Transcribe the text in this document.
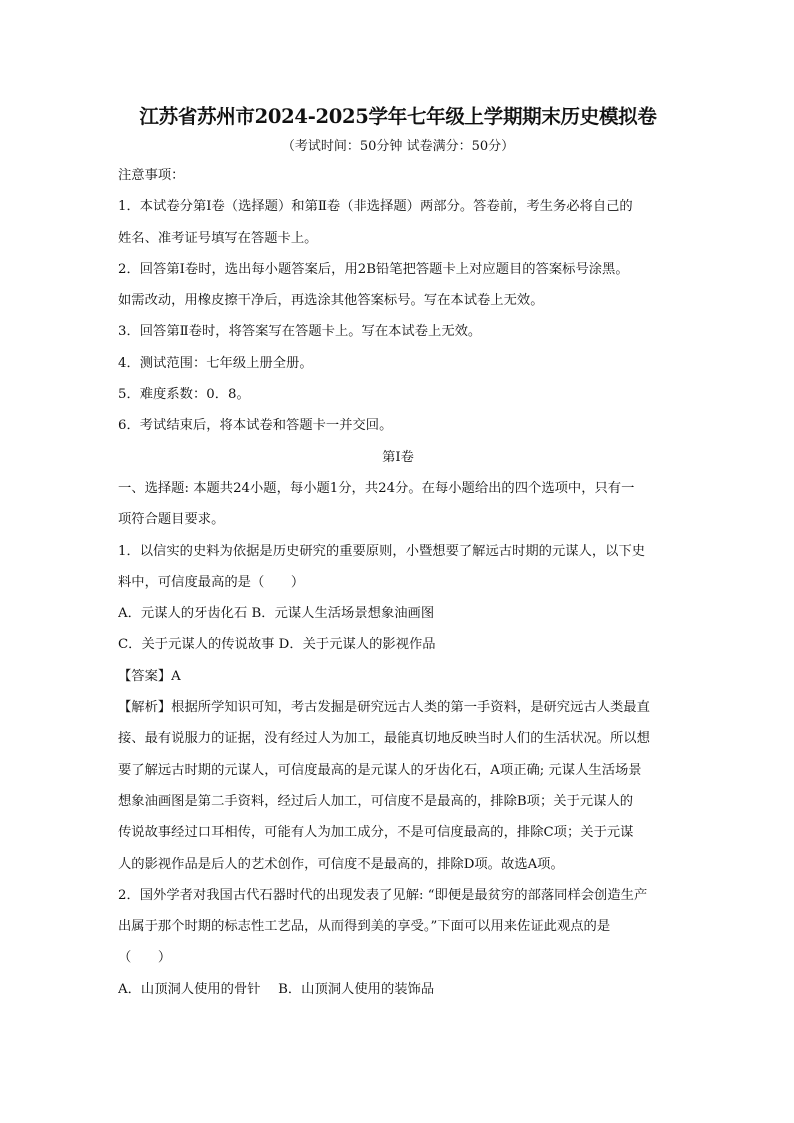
江苏省苏州市2024-2025学年七年级上学期期末历史模拟卷

（考试时间：50分钟 试卷满分：50分）

注意事项：

1．本试卷分第Ⅰ卷（选择题）和第Ⅱ卷（非选择题）两部分。答卷前，考生务必将自己的

姓名、准考证号填写在答题卡上。

2．回答第Ⅰ卷时，选出每小题答案后，用2B铅笔把答题卡上对应题目的答案标号涂黑。

如需改动，用橡皮擦干净后，再选涂其他答案标号。写在本试卷上无效。

3．回答第Ⅱ卷时，将答案写在答题卡上。写在本试卷上无效。

4．测试范围：七年级上册全册。

5．难度系数：0．8。

6．考试结束后，将本试卷和答题卡一并交回。

第Ⅰ卷

一、选择题: 本题共24小题，每小题1分，共24分。在每小题给出的四个选项中，只有一

项符合题目要求。

1．以信实的史料为依据是历史研究的重要原则，小暨想要了解远古时期的元谋人，以下史

料中，可信度最高的是（　　）

A．元谋人的牙齿化石 B．元谋人生活场景想象油画图

C．关于元谋人的传说故事 D．关于元谋人的影视作品

【答案】A

【解析】根据所学知识可知，考古发掘是研究远古人类的第一手资料，是研究远古人类最直

接、最有说服力的证据，没有经过人为加工，最能真切地反映当时人们的生活状况。所以想

要了解远古时期的元谋人，可信度最高的是元谋人的牙齿化石，A项正确; 元谋人生活场景

想象油画图是第二手资料，经过后人加工，可信度不是最高的，排除B项；关于元谋人的

传说故事经过口耳相传，可能有人为加工成分，不是可信度最高的，排除C项；关于元谋

人的影视作品是后人的艺术创作，可信度不是最高的，排除D项。故选A项。

2．国外学者对我国古代石器时代的出现发表了见解: “即便是最贫穷的部落同样会创造生产

出属于那个时期的标志性工艺品，从而得到美的享受。”下面可以用来佐证此观点的是

（　　）

A．山顶洞人使用的骨针　 B．山顶洞人使用的装饰品
